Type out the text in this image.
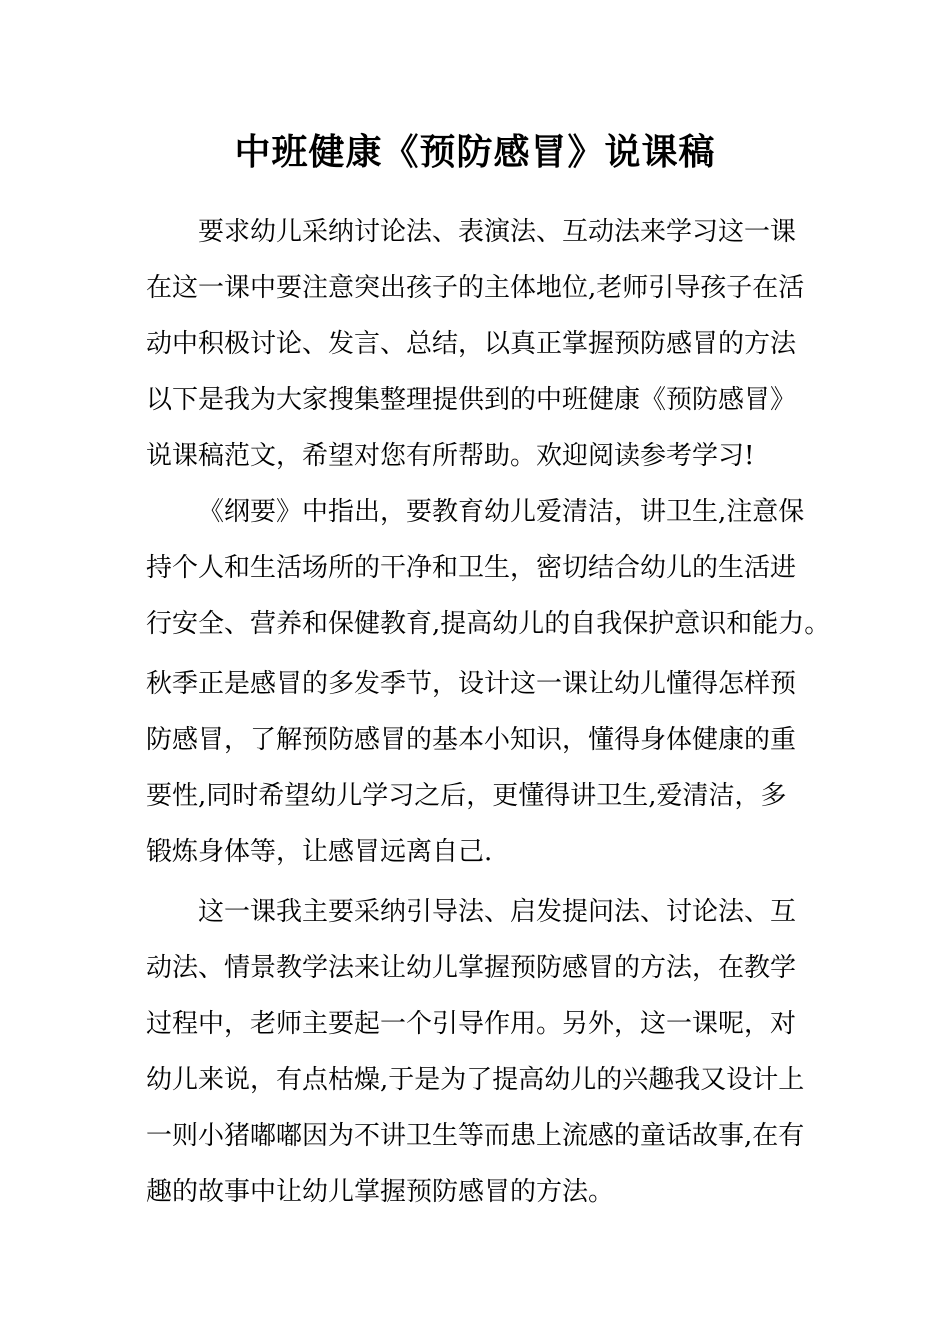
中班健康《预防感冒》说课稿
要求幼儿采纳讨论法、表演法、互动法来学习这一课
在这一课中要注意突出孩子的主体地位,老师引导孩子在活
动中积极讨论、发言、总结，以真正掌握预防感冒的方法
以下是我为大家搜集整理提供到的中班健康《预防感冒》
说课稿范文，希望对您有所帮助。欢迎阅读参考学习!
《纲要》中指出，要教育幼儿爱清洁，讲卫生,注意保
持个人和生活场所的干净和卫生，密切结合幼儿的生活进
行安全、营养和保健教育,提高幼儿的自我保护意识和能力。
秋季正是感冒的多发季节，设计这一课让幼儿懂得怎样预
防感冒，了解预防感冒的基本小知识，懂得身体健康的重
要性,同时希望幼儿学习之后，更懂得讲卫生,爱清洁，多
锻炼身体等，让感冒远离自己.
这一课我主要采纳引导法、启发提问法、讨论法、互
动法、情景教学法来让幼儿掌握预防感冒的方法，在教学
过程中，老师主要起一个引导作用。另外，这一课呢，对
幼儿来说，有点枯燥,于是为了提高幼儿的兴趣我又设计上
一则小猪嘟嘟因为不讲卫生等而患上流感的童话故事,在有
趣的故事中让幼儿掌握预防感冒的方法。
